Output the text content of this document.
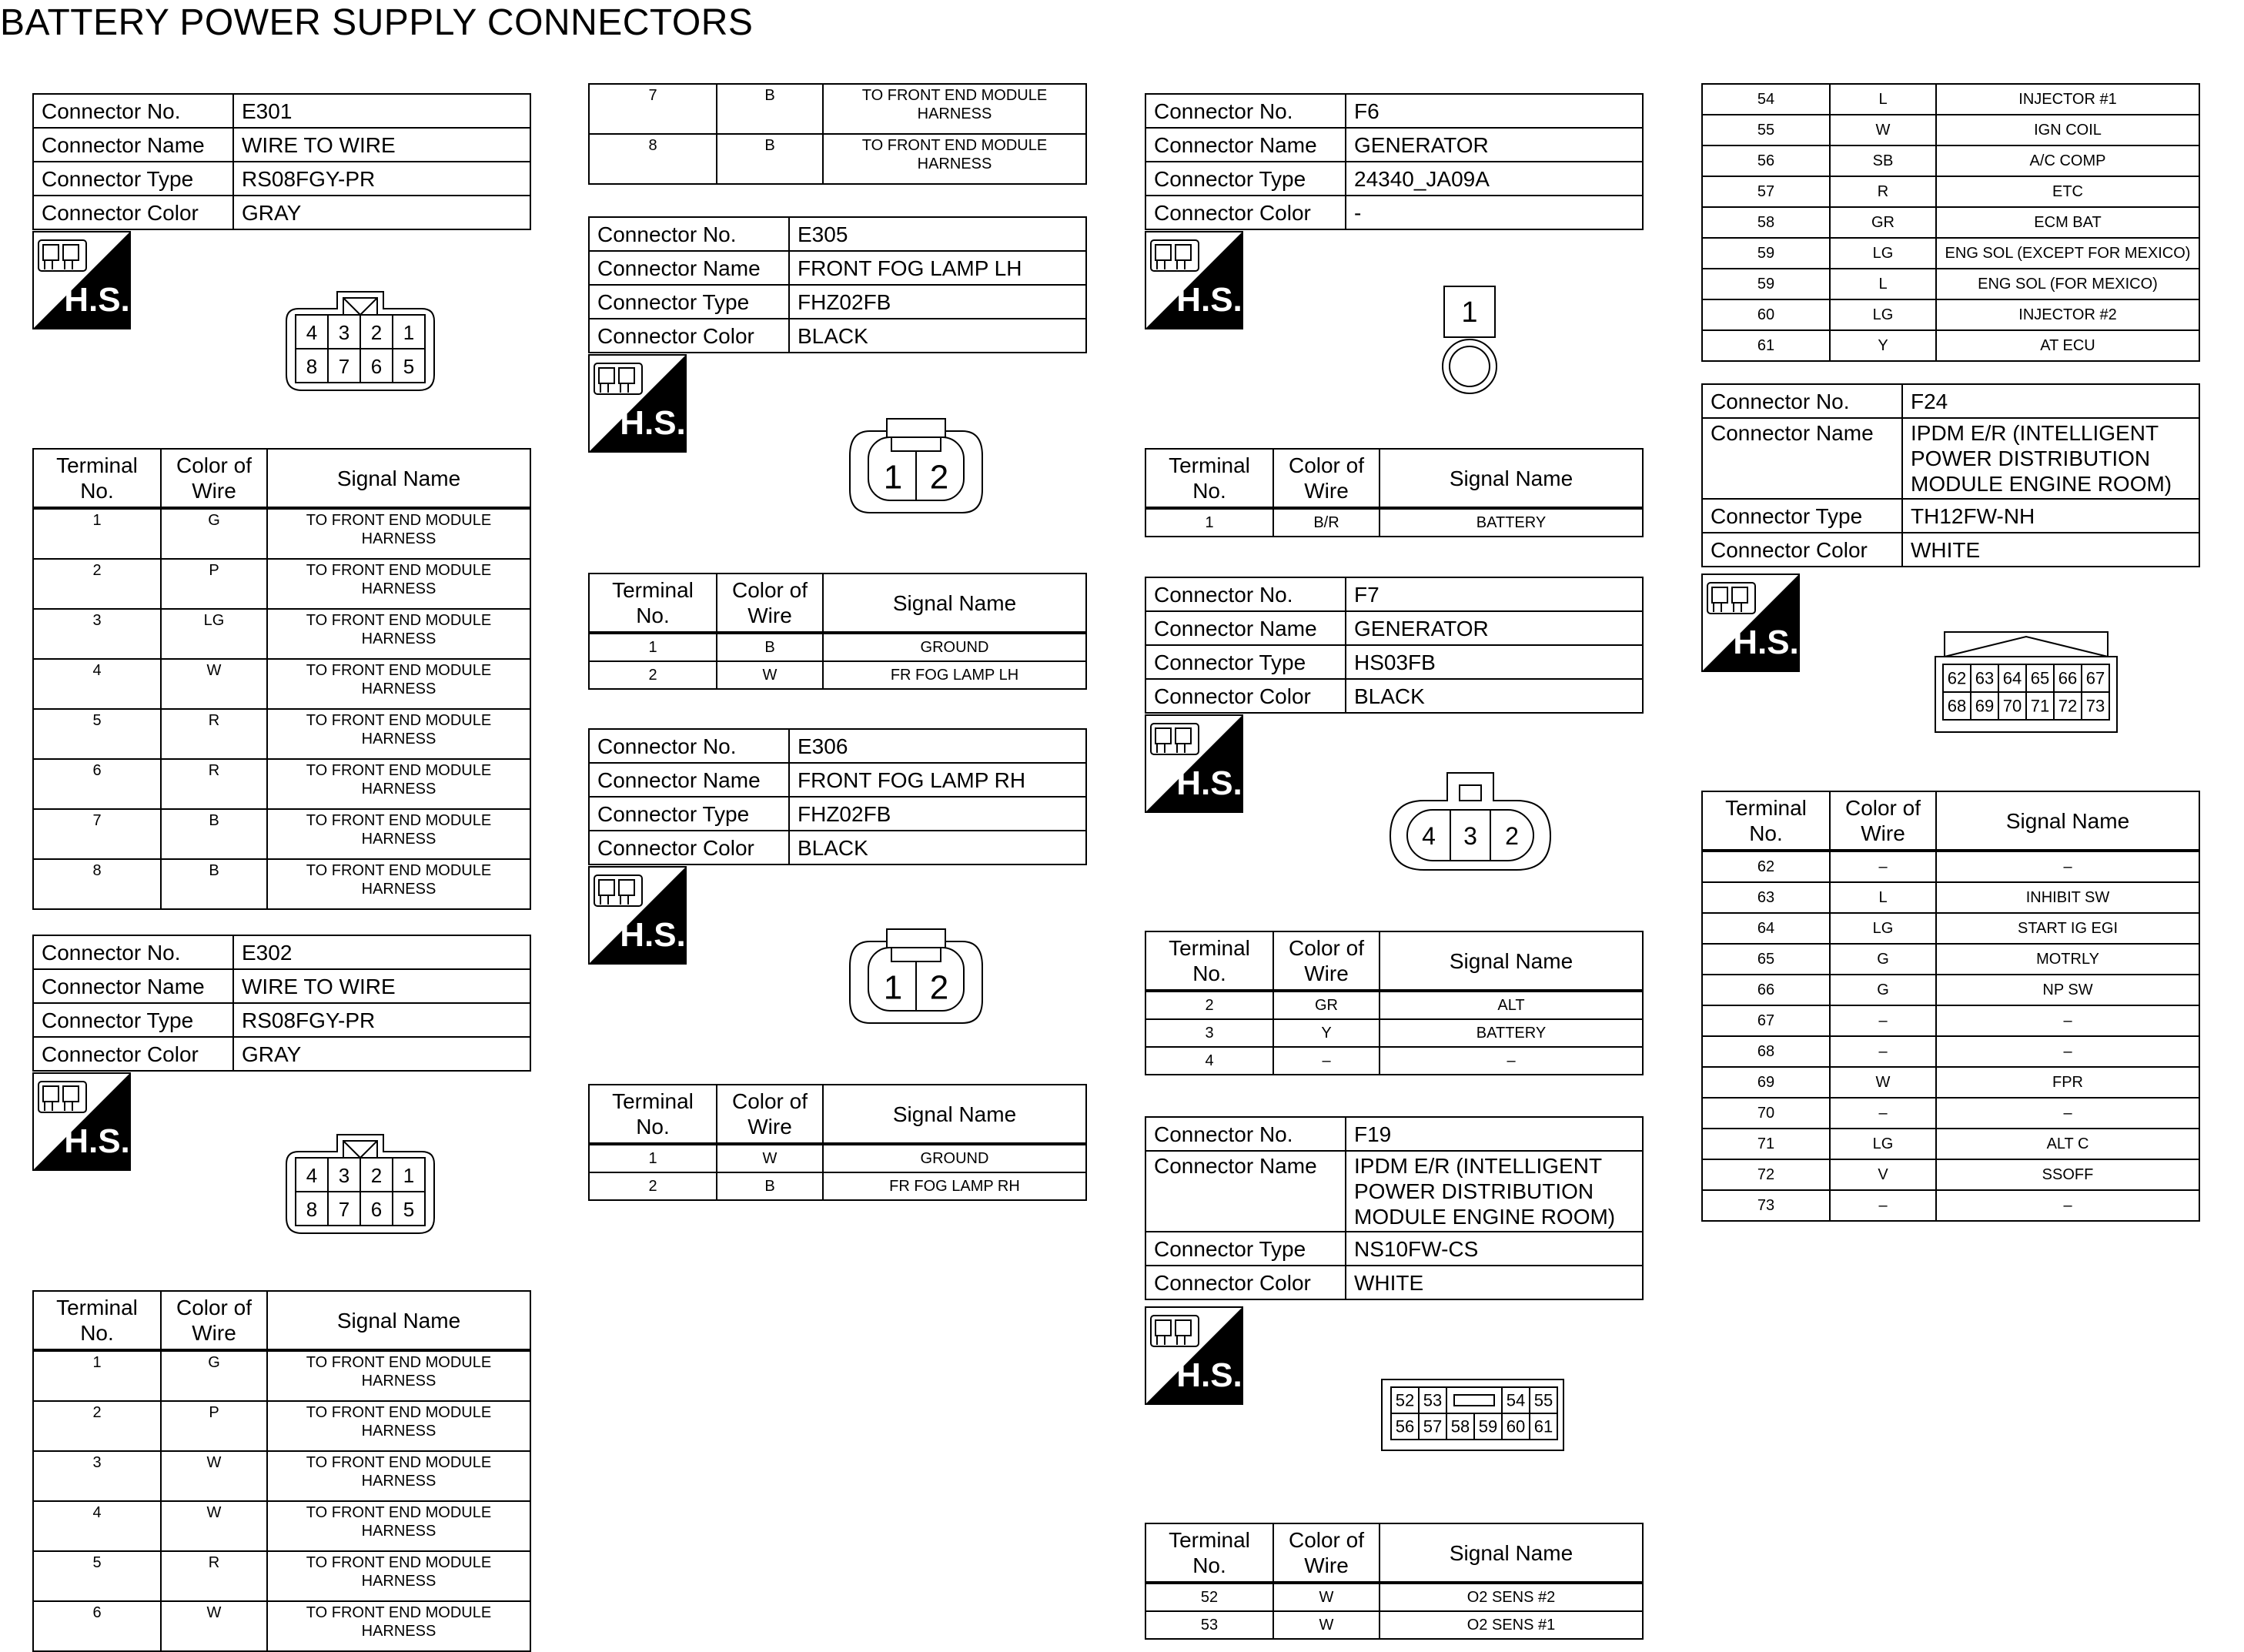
BATTERY POWER SUPPLY CONNECTORS
Connector No.	E301
Connector Name	WIRE TO WIRE
Connector Type	RS08FGY-PR
Connector Color	GRAY
H.S.
4
8
3
7
2
6
1
5
Terminal No.	Color of Wire	Signal Name
1	G	TO FRONT END MODULE HARNESS
2	P	TO FRONT END MODULE HARNESS
3	LG	TO FRONT END MODULE HARNESS
4	W	TO FRONT END MODULE HARNESS
5	R	TO FRONT END MODULE HARNESS
6	R	TO FRONT END MODULE HARNESS
7	B	TO FRONT END MODULE HARNESS
8	B	TO FRONT END MODULE HARNESS
Connector No.	E302
Connector Name	WIRE TO WIRE
Connector Type	RS08FGY-PR
Connector Color	GRAY
H.S.
4
8
3
7
2
6
1
5
Terminal No.	Color of Wire	Signal Name
1	G	TO FRONT END MODULE HARNESS
2	P	TO FRONT END MODULE HARNESS
3	W	TO FRONT END MODULE HARNESS
4	W	TO FRONT END MODULE HARNESS
5	R	TO FRONT END MODULE HARNESS
6	W	TO FRONT END MODULE HARNESS
7	B	TO FRONT END MODULE HARNESS
8	B	TO FRONT END MODULE HARNESS
Connector No.	E305
Connector Name	FRONT FOG LAMP LH
Connector Type	FHZ02FB
Connector Color	BLACK
H.S.
1 2
Terminal No.	Color of Wire	Signal Name
1	B	GROUND
2	W	FR FOG LAMP LH
Connector No.	E306
Connector Name	FRONT FOG LAMP RH
Connector Type	FHZ02FB
Connector Color	BLACK
H.S.
1 2
Terminal No.	Color of Wire	Signal Name
1	W	GROUND
2	B	FR FOG LAMP RH
Connector No.	F6
Connector Name	GENERATOR
Connector Type	24340_JA09A
Connector Color	-
H.S.	1
Terminal No.	Color of Wire	Signal Name
1	B/R	BATTERY
Connector No.	F7
Connector Name	GENERATOR
Connector Type	HS03FB
Connector Color	BLACK
H.S.
4 3 2
Terminal No.	Color of Wire	Signal Name
2	GR	ALT
3	Y	BATTERY
4	–	–
Connector No.	F19
Connector Name	IPDM E/R (INTELLIGENT POWER DISTRIBUTION MODULE ENGINE ROOM)
Connector Type	NS10FW-CS
Connector Color	WHITE
H.S.
56 57 58 59 60 61
52 53	54 55
Terminal No.	Color of Wire	Signal Name
52	W	O2 SENS #2
53	W	O2 SENS #1
54	L	INJECTOR #1
55	W	IGN COIL
56	SB	A/C COMP
57	R	ETC
58	GR	ECM BAT
59	LG	ENG SOL (EXCEPT FOR MEXICO)
59	L	ENG SOL (FOR MEXICO)
60	LG	INJECTOR #2
61	Y	AT ECU
Connector No.	F24
Connector Name	IPDM E/R (INTELLIGENT POWER DISTRIBUTION MODULE ENGINE ROOM)
Connector Type	TH12FW-NH
Connector Color	WHITE
H.S.
62
68
63
69
64
70
65
71
66
72
67
73
Terminal No.	Color of Wire	Signal Name
62	–	–
63	L	INHIBIT SW
64	LG	START IG EGI
65	G	MOTRLY
66	G	NP SW
67	–	–
68	–	–
69	W	FPR
70	–	–
71	LG	ALT C
72	V	SSOFF
73	–	–
